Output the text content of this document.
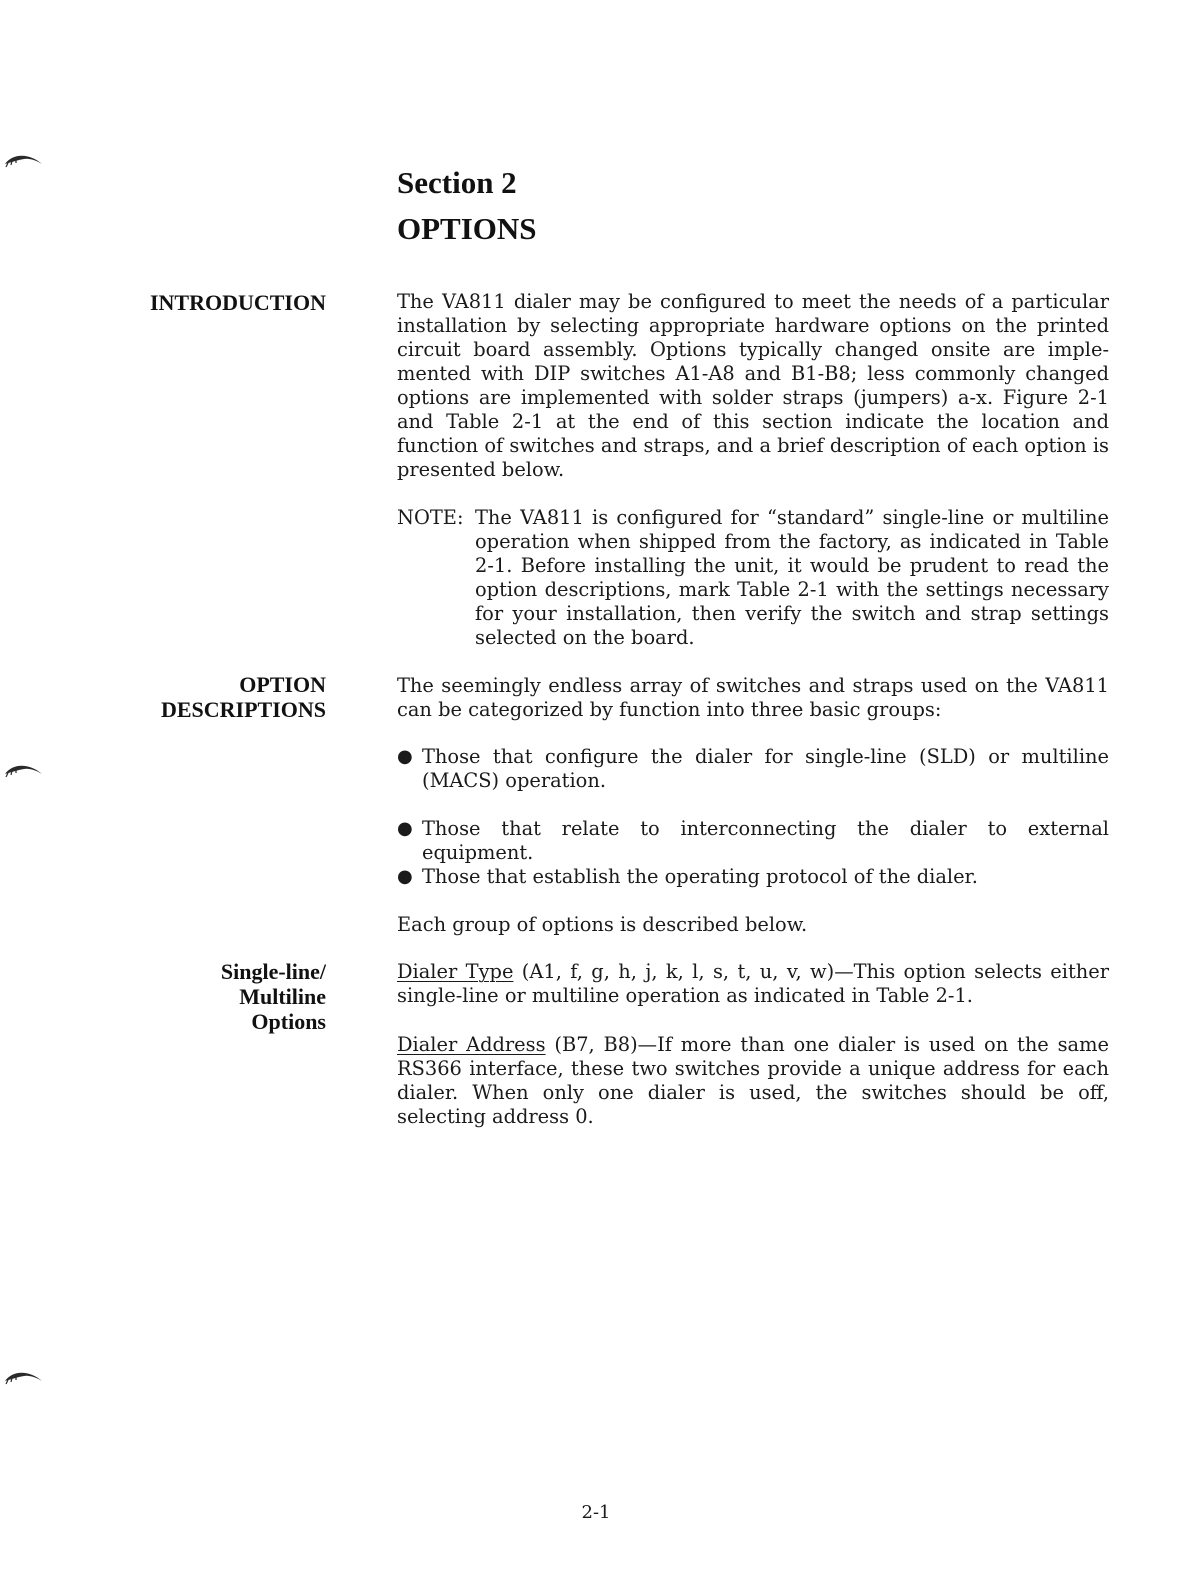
Section 2
OPTIONS
INTRODUCTION	The VA811 dialer may be configured to meet the needs of a particular installation by selecting appropriate hardware options on the printed circuit board assembly. Options typically changed onsite are imple-mented with DIP switches A1-A8 and B1-B8; less commonly changed options are implemented with solder straps (jumpers) a-x. Figure 2-1 and Table 2-1 at the end of this section indicate the location and function of switches and straps, and a brief description of each option is presented below.

NOTE: The VA811 is configured for “standard” single-line or multiline operation when shipped from the factory, as indicated in Table 2-1. Before installing the unit, it would be prudent to read the option descriptions, mark Table 2-1 with the settings necessary for your installation, then verify the switch and strap settings selected on the board.
OPTION
DESCRIPTIONS

The seemingly endless array of switches and straps used on the VA811 can be categorized by function into three basic groups:

● Those that configure the dialer for single-line (SLD) or multiline (MACS) operation.
● Those that relate to interconnecting the dialer to external equipment.
● Those that establish the operating protocol of the dialer.

Each group of options is described below.

Single-line/
Multiline
Options

Dialer Type (A1, f, g, h, j, k, l, s, t, u, v, w)—This option selects either single-line or multiline operation as indicated in Table 2-1.

Dialer Address (B7, B8)—If more than one dialer is used on the same RS366 interface, these two switches provide a unique address for each dialer. When only one dialer is used, the switches should be off, selecting address 0.

2-1
